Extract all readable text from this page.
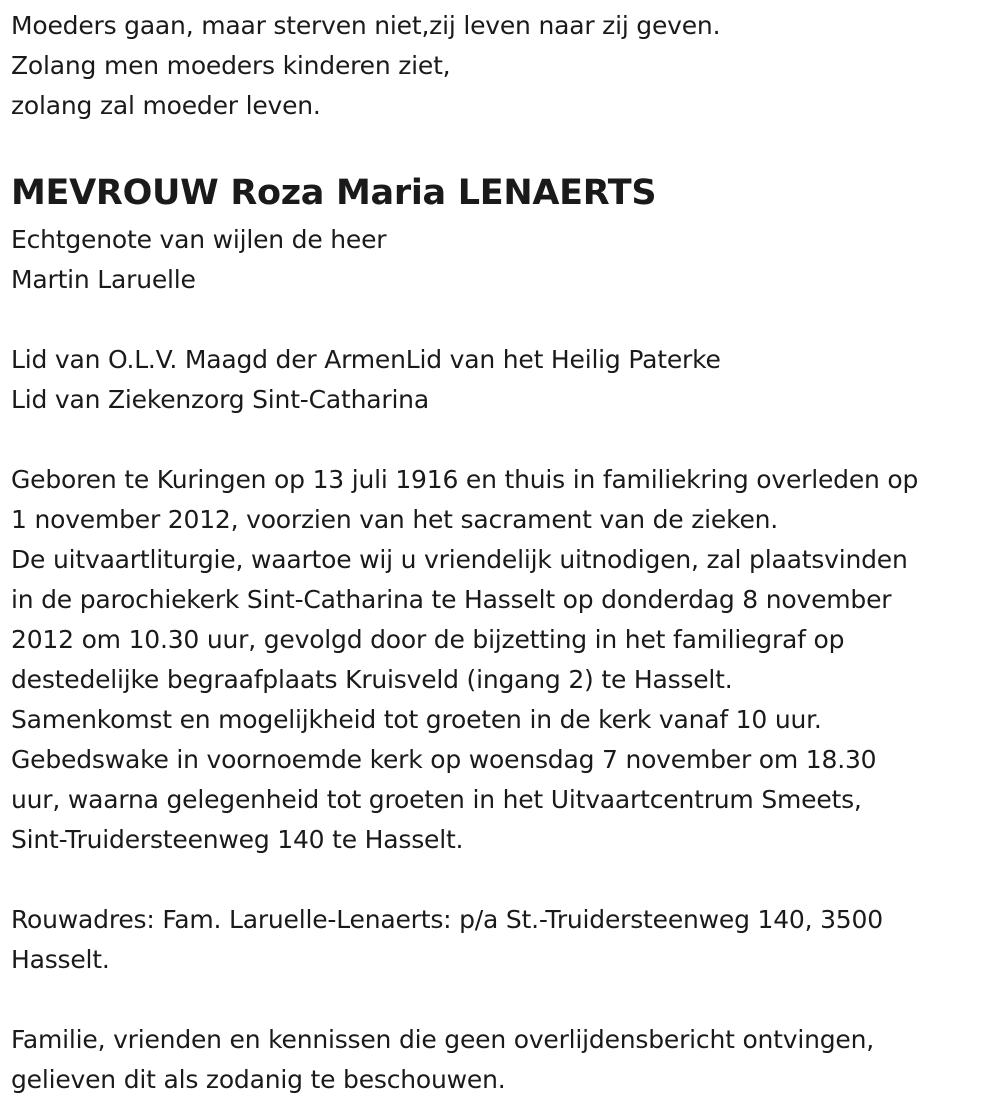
Moeders gaan, maar sterven niet,zij leven naar zij geven.
Zolang men moeders kinderen ziet,
zolang zal moeder leven.
MEVROUW Roza Maria LENAERTS
Echtgenote van wijlen de heer
Martin Laruelle
Lid van O.L.V. Maagd der ArmenLid van het Heilig Paterke
Lid van Ziekenzorg Sint-Catharina
Geboren te Kuringen op 13 juli 1916 en thuis in familiekring overleden op
1 november 2012, voorzien van het sacrament van de zieken.
De uitvaartliturgie, waartoe wij u vriendelijk uitnodigen, zal plaatsvinden
in de parochiekerk Sint-Catharina te Hasselt op donderdag 8 november
2012 om 10.30 uur, gevolgd door de bijzetting in het familiegraf op
destedelijke begraafplaats Kruisveld (ingang 2) te Hasselt.
Samenkomst en mogelijkheid tot groeten in de kerk vanaf 10 uur.
Gebedswake in voornoemde kerk op woensdag 7 november om 18.30
uur, waarna gelegenheid tot groeten in het Uitvaartcentrum Smeets,
Sint-Truidersteenweg 140 te Hasselt.
Rouwadres: Fam. Laruelle-Lenaerts: p/a St.-Truidersteenweg 140, 3500
Hasselt.
Familie, vrienden en kennissen die geen overlijdensbericht ontvingen,
gelieven dit als zodanig te beschouwen.
